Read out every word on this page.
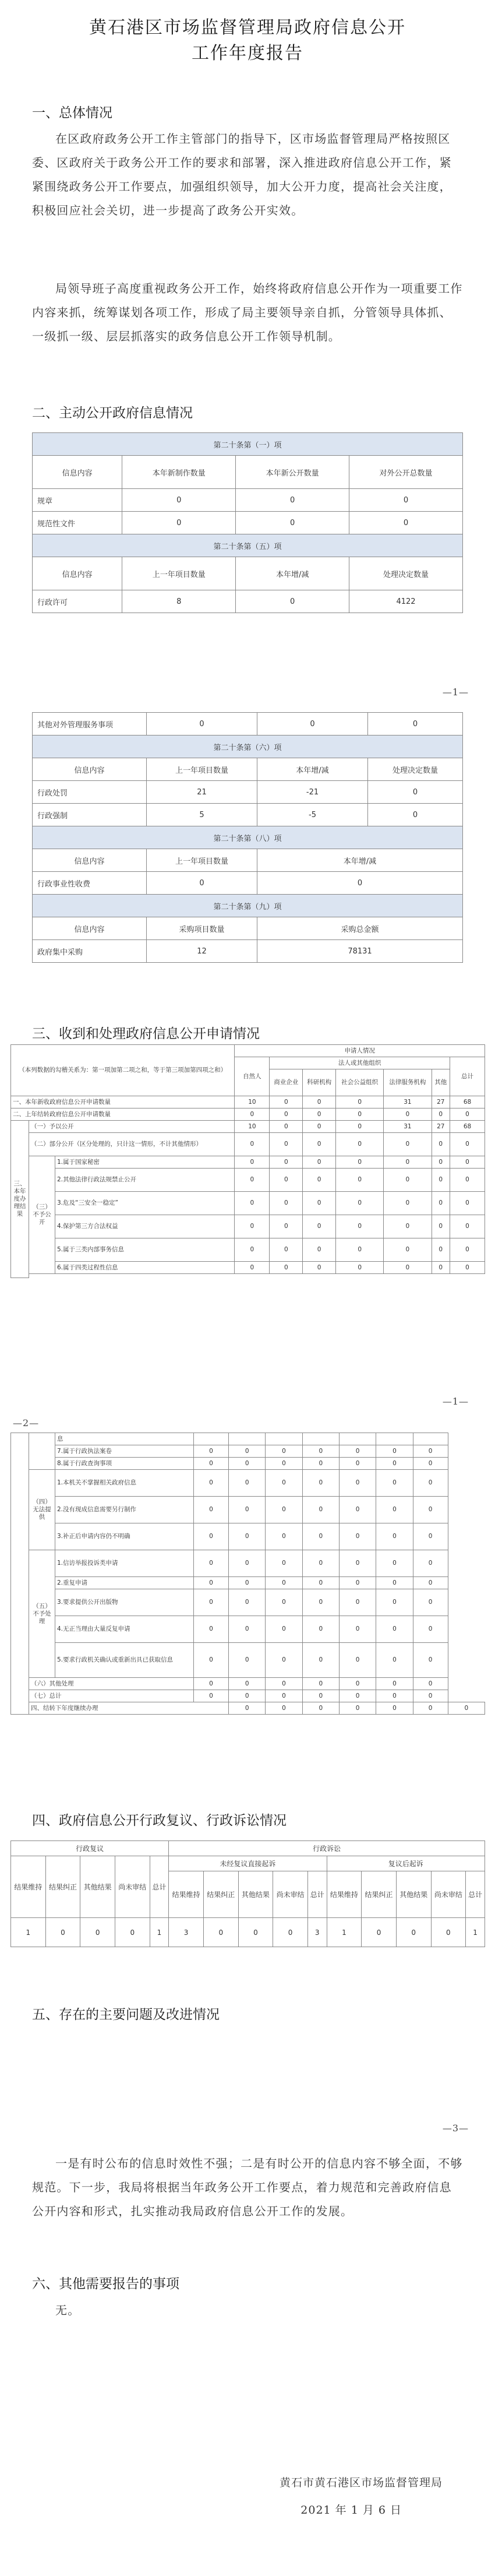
黄石港区市场监督管理局政府信息公开
工作年度报告
一、总体情况
在区政府政务公开工作主管部门的指导下，区市场监督管理局严格按照区委、区政府关于政务公开工作的要求和部署，深入推进政府信息公开工作，紧紧围绕政务公开工作要点，加强组织领导，加大公开力度，提高社会关注度，积极回应社会关切，进一步提高了政务公开实效。
局领导班子高度重视政务公开工作，始终将政府信息公开作为一项重要工作内容来抓，统筹谋划各项工作，形成了局主要领导亲自抓，分管领导具体抓、一级抓一级、层层抓落实的政务信息公开工作领导机制。
二、主动公开政府信息情况
第二十条第（一）项			
信息内容	本年新制作数量	本年新公开数量	对外公开总数量
规章	0	0	0
规范性文件	0	0	0
第二十条第（五）项			
信息内容	上一年项目数量	本年增/减	处理决定数量
行政许可	8	0	4122
—1—
其他对外管理服务事项	0	0	0
第二十条第（六）项			
信息内容	上一年项目数量	本年增/减	处理决定数量
行政处罚	21	-21	0
行政强制	5	-5	0
第二十条第（八）项			
信息内容	上一年项目数量	本年增/减	
行政事业性收费	0	0	
第二十条第（九）项			
信息内容	采购项目数量	采购总金额	
政府集中采购	12	78131	
三、收到和处理政府信息公开申请情况
（本列数据的勾稽关系为：第一项加第二项之和，等于第三项加第四项之和）			申请人情况						
			自然人	法人或其他组织					总计
				商业企业	科研机构	社会公益组织	法律服务机构	其他	
一、本年新收政府信息公开申请数量			10	0	0	0	31	27	68
二、上年结转政府信息公开申请数量			0	0	0	0	0	0	0
三、本年度办理结果	（一）予以公开		10	0	0	0	31	27	68
	（二）部分公开（区分处理的，只计这一情形，不计其他情形）		0	0	0	0	0	0	0
	（三）不予公开	1.属于国家秘密	0	0	0	0	0	0	0
		2.其他法律行政法规禁止公开	0	0	0	0	0	0	0
		3.危及“三安全一稳定”	0	0	0	0	0	0	0
		4.保护第三方合法权益	0	0	0	0	0	0	0
		5.属于三类内部事务信息	0	0	0	0	0	0	0
		6.属于四类过程性信息	0	0	0	0	0	0	0

—1—
—2—
		息								
		7.属于行政执法案卷	0	0	0	0	0	0	0	
		8.属于行政查询事项	0	0	0	0	0	0	0	
	（四）无法提供	1.本机关不掌握相关政府信息	0	0	0	0	0	0	0	
		2.没有现成信息需要另行制作	0	0	0	0	0	0	0	
		3.补正后申请内容仍不明确	0	0	0	0	0	0	0	
	（五）不予处理	1.信访举报投诉类申请	0	0	0	0	0	0	0	
		2.重复申请	0	0	0	0	0	0	0	
		3.要求提供公开出版物	0	0	0	0	0	0	0	
		4.无正当理由大量反复申请	0	0	0	0	0	0	0	
		5.要求行政机关确认或重新出具已获取信息	0	0	0	0	0	0	0	
	（六）其他处理		0	0	0	0	0	0	0	
	（七）总计		0	0	0	0	0	0	0	
	四、结转下年度继续办理			0	0	0	0	0	0	0
四、政府信息公开行政复议、行政诉讼情况
行政复议					行政诉讼									
结果维持	结果纠正	其他结果	尚未审结	总计	未经复议直接起诉					复议后起诉				
					结果维持	结果纠正	其他结果	尚未审结	总计	结果维持	结果纠正	其他结果	尚未审结	总计
1	0	0	0	1	3	0	0	0	3	1	0	0	0	1
五、存在的主要问题及改进情况
—3—
一是有时公布的信息时效性不强；二是有时公开的信息内容不够全面，不够规范。下一步，我局将根据当年政务公开工作要点，着力规范和完善政府信息公开内容和形式，扎实推动我局政府信息公开工作的发展。
六、其他需要报告的事项
无。
黄石市黄石港区市场监督管理局
2021 年 1 月 6 日
